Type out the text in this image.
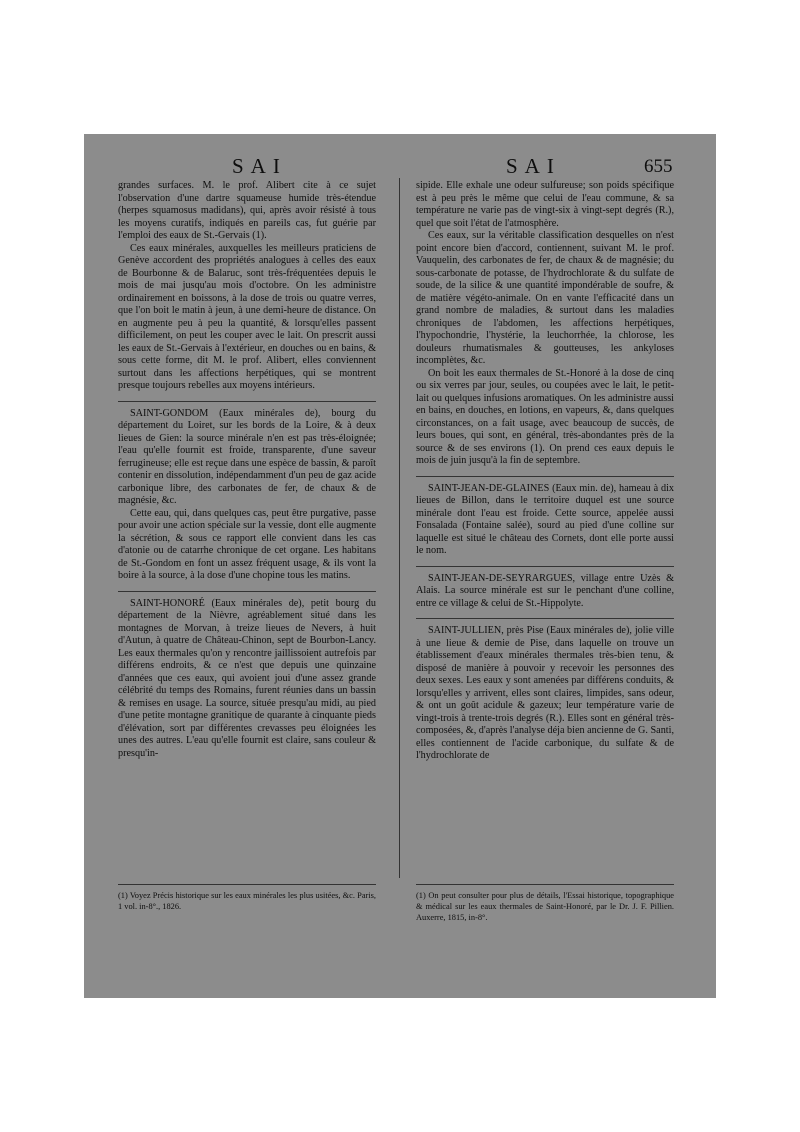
SAI	SAI	655

grandes surfaces. M. le prof. Alibert cite à ce sujet l'observation d'une dartre squameuse humide très-étendue (herpes squamosus madidans), qui, après avoir résisté à tous les moyens curatifs, indiqués en pareils cas, fut guérie par l'emploi des eaux de St.-Gervais (1).

Ces eaux minérales, auxquelles les meilleurs praticiens de Genève accordent des propriétés analogues à celles des eaux de Bourbonne & de Balaruc, sont très-fréquentées depuis le mois de mai jusqu'au mois d'octobre. On les administre ordinairement en boissons, à la dose de trois ou quatre verres, que l'on boit le matin à jeun, à une demi-heure de distance. On en augmente peu à peu la quantité, & lorsqu'elles passent difficilement, on peut les couper avec le lait. On prescrit aussi les eaux de St.-Gervais à l'extérieur, en douches ou en bains, & sous cette forme, dit M. le prof. Alibert, elles conviennent surtout dans les affections herpétiques, qui se montrent presque toujours rebelles aux moyens intérieurs.

SAINT-GONDOM (Eaux minérales de), bourg du département du Loiret, sur les bords de la Loire, & à deux lieues de Gien: la source minérale n'en est pas très-éloignée; l'eau qu'elle fournit est froide, transparente, d'une saveur ferrugineuse; elle est reçue dans une espèce de bassin, & paroît contenir en dissolution, indépendamment d'un peu de gaz acide carbonique libre, des carbonates de fer, de chaux & de magnésie, &c.

Cette eau, qui, dans quelques cas, peut être purgative, passe pour avoir une action spéciale sur la vessie, dont elle augmente la sécrétion, & sous ce rapport elle convient dans les cas d'atonie ou de catarrhe chronique de cet organe. Les habitans de St.-Gondom en font un assez fréquent usage, & ils vont la boire à la source, à la dose d'une chopine tous les matins.

SAINT-HONORÉ (Eaux minérales de), petit bourg du département de la Nièvre, agréablement situé dans les montagnes de Morvan, à treize lieues de Nevers, à huit d'Autun, à quatre de Château-Chinon, sept de Bourbon-Lancy. Les eaux thermales qu'on y rencontre jaillissoient autrefois par différens endroits, & ce n'est que depuis une quinzaine d'années que ces eaux, qui avoient joui d'une assez grande célébrité du temps des Romains, furent réunies dans un bassin & remises en usage. La source, située presqu'au midi, au pied d'une petite montagne granitique de quarante à cinquante pieds d'élévation, sort par différentes crevasses peu éloignées les unes des autres. L'eau qu'elle fournit est claire, sans couleur & presqu'in-

sipide. Elle exhale une odeur sulfureuse; son poids spécifique est à peu près le même que celui de l'eau commune, & sa température ne varie pas de vingt-six à vingt-sept degrés (R.), quel que soit l'état de l'atmosphère.

Ces eaux, sur la véritable classification desquelles on n'est point encore bien d'accord, contiennent, suivant M. le prof. Vauquelin, des carbonates de fer, de chaux & de magnésie; du sous-carbonate de potasse, de l'hydrochlorate & du sulfate de soude, de la silice & une quantité impondérable de soufre, & de matière végéto-animale. On en vante l'efficacité dans un grand nombre de maladies, & surtout dans les maladies chroniques de l'abdomen, les affections herpétiques, l'hypochondrie, l'hystérie, la leuchorrhée, la chlorose, les douleurs rhumatismales & goutteuses, les ankyloses incomplètes, &c.

On boit les eaux thermales de St.-Honoré à la dose de cinq ou six verres par jour, seules, ou coupées avec le lait, le petit-lait ou quelques infusions aromatiques. On les administre aussi en bains, en douches, en lotions, en vapeurs, &, dans quelques circonstances, on a fait usage, avec beaucoup de succès, de leurs boues, qui sont, en général, très-abondantes près de la source & de ses environs (1). On prend ces eaux depuis le mois de juin jusqu'à la fin de septembre.

SAINT-JEAN-DE-GLAINES (Eaux min. de), hameau à dix lieues de Billon, dans le territoire duquel est une source minérale dont l'eau est froide. Cette source, appelée aussi Fonsalada (Fontaine salée), sourd au pied d'une colline sur laquelle est situé le château des Cornets, dont elle porte aussi le nom.

SAINT-JEAN-DE-SEYRARGUES, village entre Uzès & Alais. La source minérale est sur le penchant d'une colline, entre ce village & celui de St.-Hippolyte.

SAINT-JULLIEN, près Pise (Eaux minérales de), jolie ville à une lieue & demie de Pise, dans laquelle on trouve un établissement d'eaux minérales thermales très-bien tenu, & disposé de manière à pouvoir y recevoir les personnes des deux sexes. Les eaux y sont amenées par différens conduits, & lorsqu'elles y arrivent, elles sont claires, limpides, sans odeur, & ont un goût acidule & gazeux; leur température varie de vingt-trois à trente-trois degrés (R.). Elles sont en général très-composées, &, d'après l'analyse déja bien ancienne de G. Santi, elles contiennent de l'acide carbonique, du sulfate & de l'hydrochlorate de

(1) Voyez Précis historique sur les eaux minérales les plus usitées, &c. Paris, 1 vol. in-8°., 1826.
(1) On peut consulter pour plus de détails, l'Essai historique, topographique & médical sur les eaux thermales de Saint-Honoré, par le Dr. J. F. Pillien. Auxerre, 1815, in-8°.
